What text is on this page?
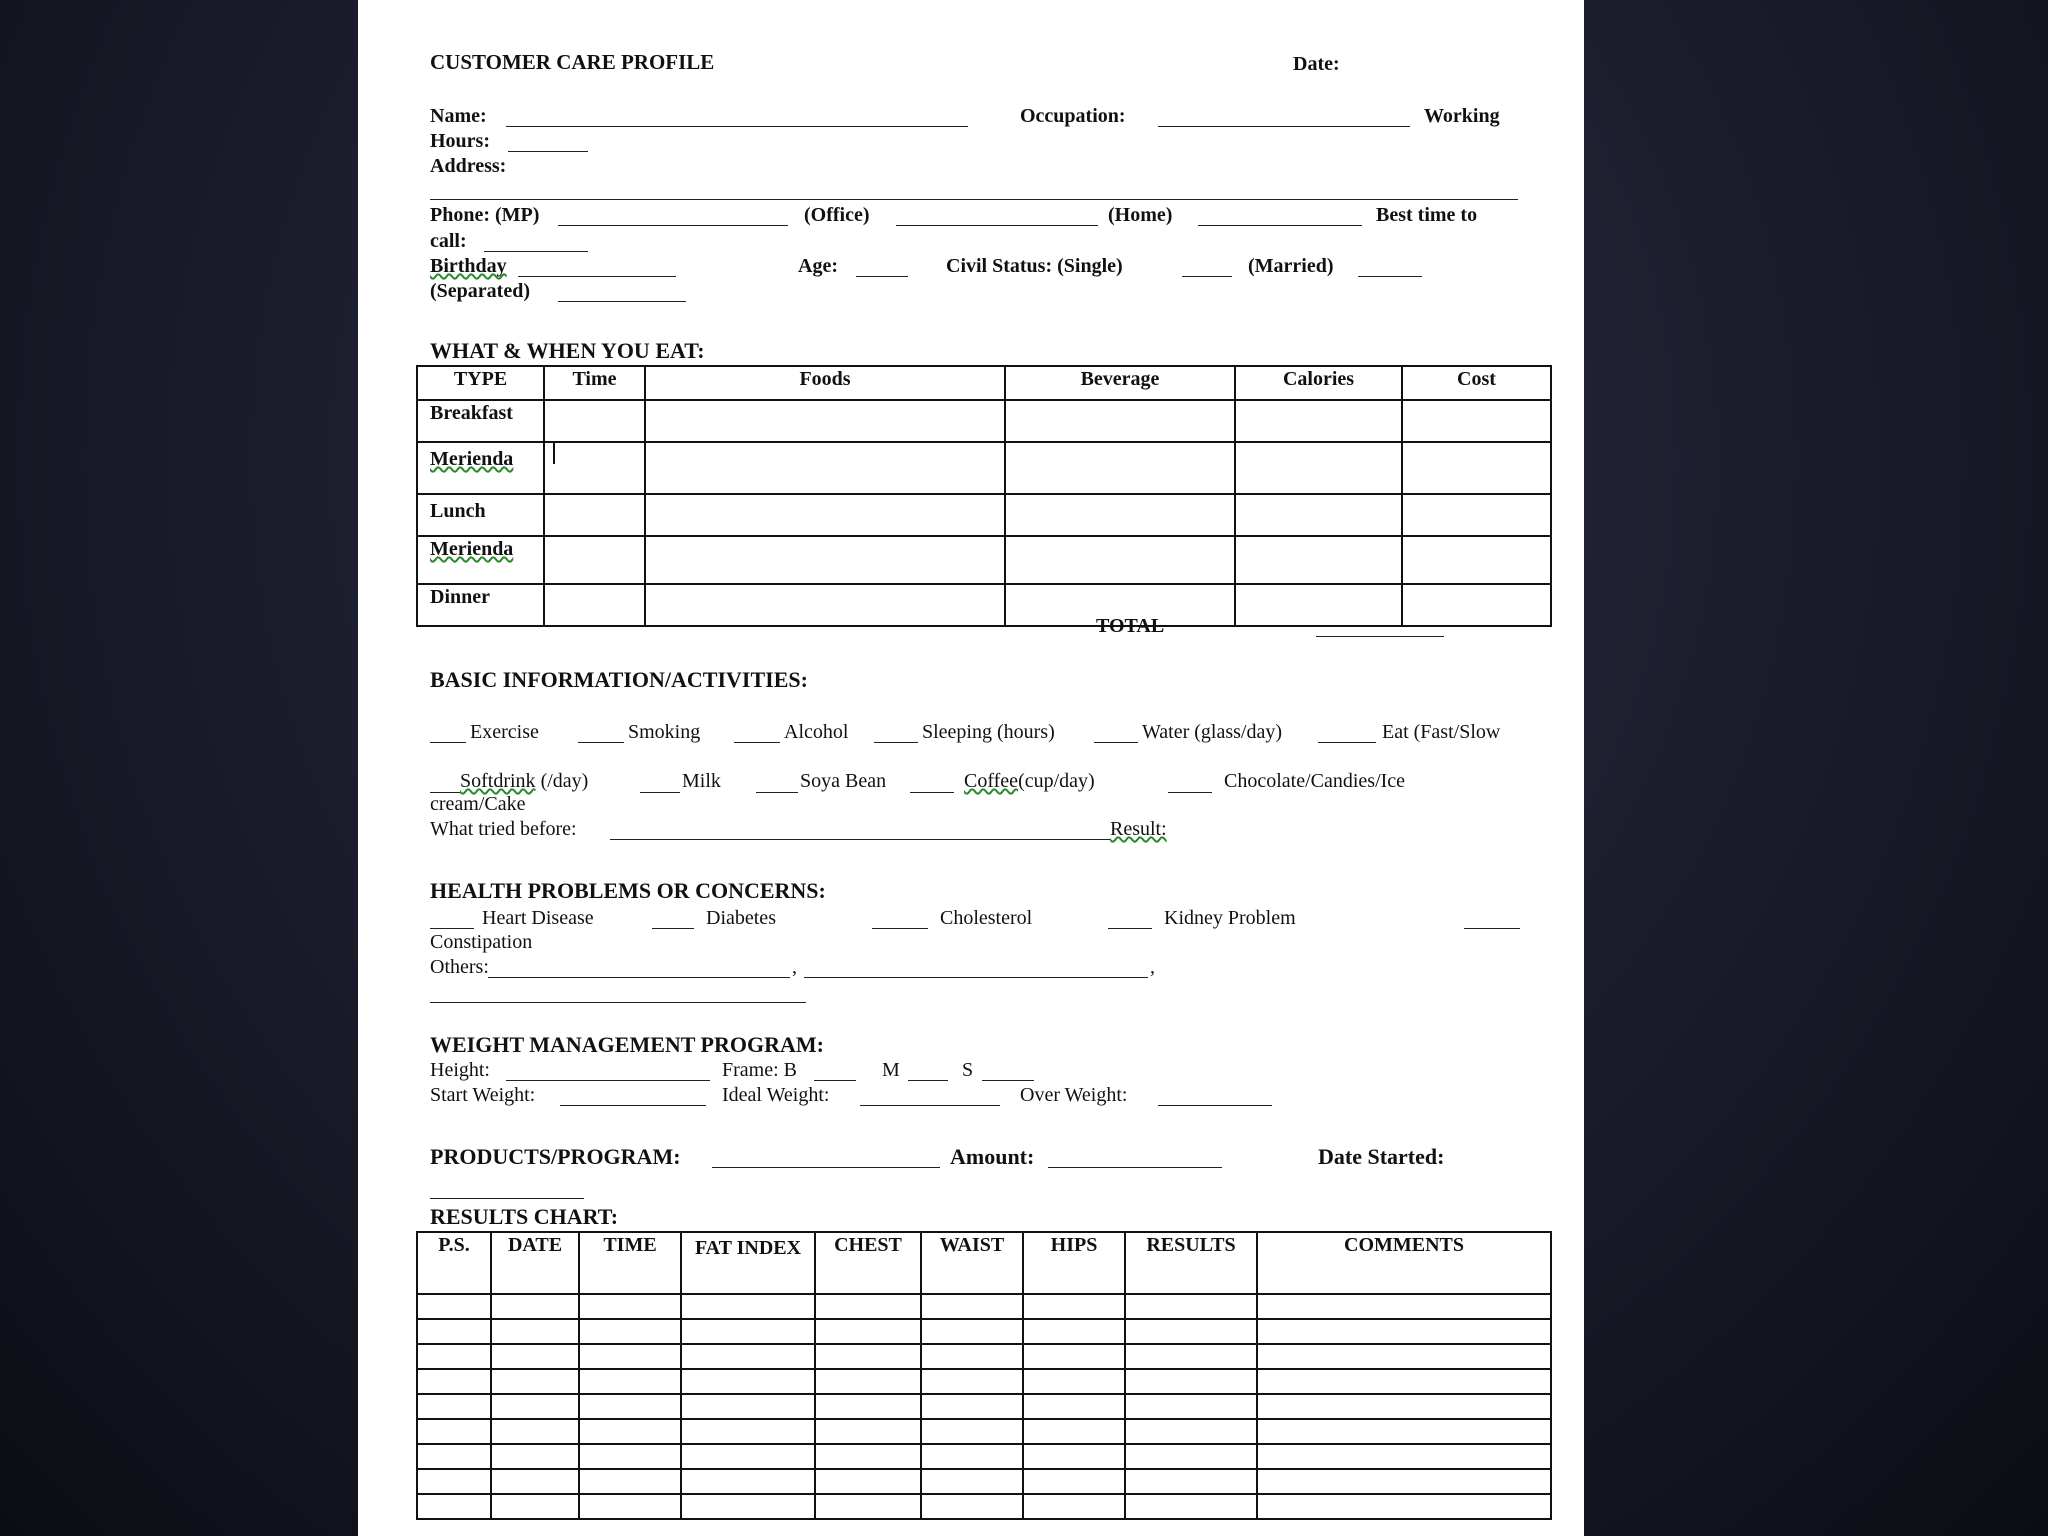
CUSTOMER CARE PROFILE	Date:
Name:	Occupation:	Working
Hours:
Address:
Phone: (MP)	(Office)	(Home)	Best time to
call:
Birthday	Age:	Civil Status: (Single)	(Married)
(Separated)
WHAT & WHEN YOU EAT:
TYPE	Time	Foods	Beverage	Calories	Cost
Breakfast					
Merienda					
Lunch					
Merienda					
Dinner					
TOTAL
BASIC INFORMATION/ACTIVITIES:
Exercise	Smoking	Alcohol	Sleeping (hours)	Water (glass/day)	Eat (Fast/Slow
Softdrink (/day)	Milk	Soya Bean	Coffee(cup/day)	Chocolate/Candies/Ice
cream/Cake
What tried before:	Result:
HEALTH PROBLEMS OR CONCERNS:
Heart Disease	Diabetes	Cholesterol	Kidney Problem
Constipation
Others:	,	,
WEIGHT MANAGEMENT PROGRAM:
Height:	Frame: B	M	S
Start Weight:	Ideal Weight:	Over Weight:
PRODUCTS/PROGRAM:	Amount:	Date Started:
RESULTS CHART:
P.S.	DATE	TIME	FAT INDEX	CHEST	WAIST	HIPS	RESULTS	COMMENTS
